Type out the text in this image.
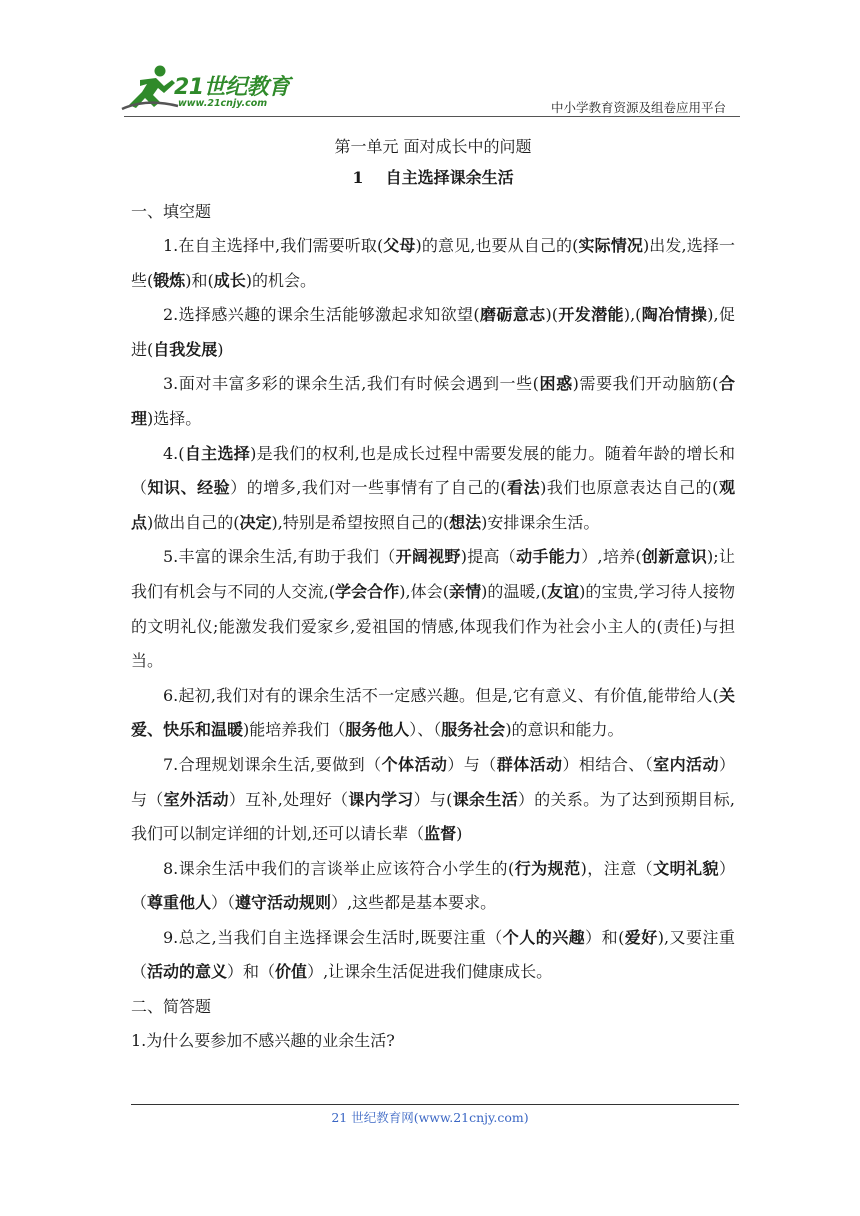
21世纪教育
www.21cnjy.com	中小学教育资源及组卷应用平台

第一单元 面对成长中的问题

1 自主选择课余生活

一、填空题

1.在自主选择中,我们需要听取(父母)的意见,也要从自己的(实际情况)出发,选择一些(锻炼)和(成长)的机会。

2.选择感兴趣的课余生活能够激起求知欲望(磨砺意志)(开发潜能),(陶冶情操),促进(自我发展)

3.面对丰富多彩的课余生活,我们有时候会遇到一些(困惑)需要我们开动脑筋(合理)选择。

4.(自主选择)是我们的权利,也是成长过程中需要发展的能力。随着年龄的增长和（知识、经验）的增多,我们对一些事情有了自己的(看法)我们也原意表达自己的(观点)做出自己的(决定),特别是希望按照自己的(想法)安排课余生活。

5.丰富的课余生活,有助于我们（开阔视野)提高（动手能力）,培养(创新意识);让我们有机会与不同的人交流,(学会合作),体会(亲情)的温暖,(友谊)的宝贵,学习待人接物的文明礼仪;能激发我们爱家乡,爱祖国的情感,体现我们作为社会小主人的(责任)与担当。

6.起初,我们对有的课余生活不一定感兴趣。但是,它有意义、有价值,能带给人(关爱、快乐和温暖)能培养我们（服务他人）、（服务社会)的意识和能力。

7.合理规划课余生活,要做到（个体活动）与（群体活动）相结合、（室内活动）与（室外活动）互补,处理好（课内学习）与(课余生活）的关系。为了达到预期目标,我们可以制定详细的计划,还可以请长辈（监督)

8.课余生活中我们的言谈举止应该符合小学生的(行为规范)，注意（文明礼貌）（尊重他人）（遵守活动规则）,这些都是基本要求。

9.总之,当我们自主选择课会生活时,既要注重（个人的兴趣）和(爱好),又要注重（活动的意义）和（价值）,让课余生活促进我们健康成长。

二、简答题

1.为什么要参加不感兴趣的业余生活?

21 世纪教育网(www.21cnjy.com)
